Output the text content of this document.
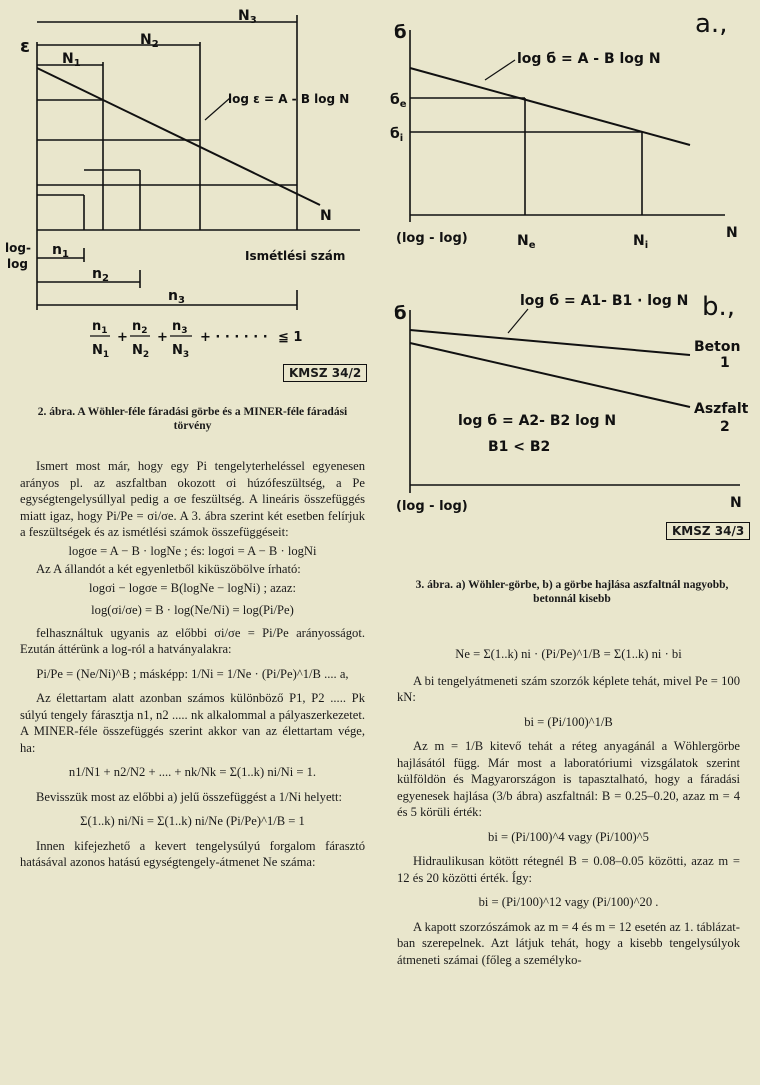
ε
$N_3$
$N_2$
$N_1$
log ε = A - B log N
N
log-
log
Ismétlési szám
$n_1$
$n_2$
$n_3$
$n_1$
$N_1$
+
$n_2$
$N_2$
+
$n_3$
$N_3$
+ · · · · · · ≦ 1
KMSZ 34/2
2. ábra. A Wöhler-féle fáradási görbe és a MINER-féle fáradási törvény
a.,
б
log б = A - B log N
$б_e$
$б_i$
(log - log)	$N_e$	$N_i$
N
b.,
б
log б = A1- B1 · log N
Beton
1
Aszfalt
2
log б = A2- B2 log N
B1 < B2
(log - log)	N
KMSZ 34/3
3. ábra. a) Wöhler-görbe, b) a görbe hajlása aszfaltnál nagyobb, betonnál kisebb

Ismert most már, hogy egy Pi tengelyterheléssel egyenesen arányos pl. az aszfaltban okozott σi húzófeszültség, a Pe egységtengelysúllyal pedig a σe feszültség. A lineáris összefüggés miatt igaz, hogy Pi/Pe = σi/σe. A 3. ábra szerint két esetben felírjuk a feszültségek és az ismétlési számok összefüggéseit:

logσe = A − B · logNe ; és: logσi = A − B · logNi

Az A állandót a két egyenletből kiküszöbölve írható:

logσi − logσe = B(logNe − logNi) ; azaz:
log(σi/σe) = B · log(Ne/Ni) = log(Pi/Pe)

felhasználtuk ugyanis az előbbi σi/σe = Pi/Pe arányosságot. Ezután áttérünk a log-ról a hatványalakra:

Pi/Pe = (Ne/Ni)^B ; másképp: 1/Ni = 1/Ne · (Pi/Pe)^1/B .... a,

Az élettartam alatt azonban számos különböző P1, P2 ..... Pk súlyú tengely fárasztja n1, n2 ..... nk alkalommal a pályaszerkezetet. A MINER-féle összefüggés szerint akkor van az élettartam vége, ha:

n1/N1 + n2/N2 + .... + nk/Nk = Σ(1..k) ni/Ni = 1.

Bevisszük most az előbbi a) jelű összefüggést a 1/Ni helyett:

Σ(1..k) ni/Ni = Σ(1..k) ni/Ne (Pi/Pe)^1/B = 1

Innen kifejezhető a kevert tengelysúlyú forgalom fárasztó hatásával azonos hatású egységtengely-átmenet Ne száma:

Ne = Σ(1..k) ni · (Pi/Pe)^1/B = Σ(1..k) ni · bi

A bi tengelyátmeneti szám szorzók képlete tehát, mivel Pe = 100 kN:

bi = (Pi/100)^1/B

Az m = 1/B kitevő tehát a réteg anyagánál a Wöhlergörbe hajlásától függ. Már most a laboratóriumi vizsgálatok szerint külföldön és Magyarországon is tapasztalható, hogy a fáradási egyenesek hajlása (3/b ábra) aszfaltnál: B = 0.25–0.20, azaz m = 4 és 5 körüli érték:

bi = (Pi/100)^4 vagy (Pi/100)^5

Hidraulikusan kötött rétegnél B = 0.08–0.05 közötti, azaz m = 12 és 20 közötti érték. Így:

bi = (Pi/100)^12 vagy (Pi/100)^20 .

A kapott szorzószámok az m = 4 és m = 12 esetén az 1. táblázat-ban szerepelnek. Azt látjuk tehát, hogy a kisebb tengelysúlyok átmeneti számai (főleg a személyko-
